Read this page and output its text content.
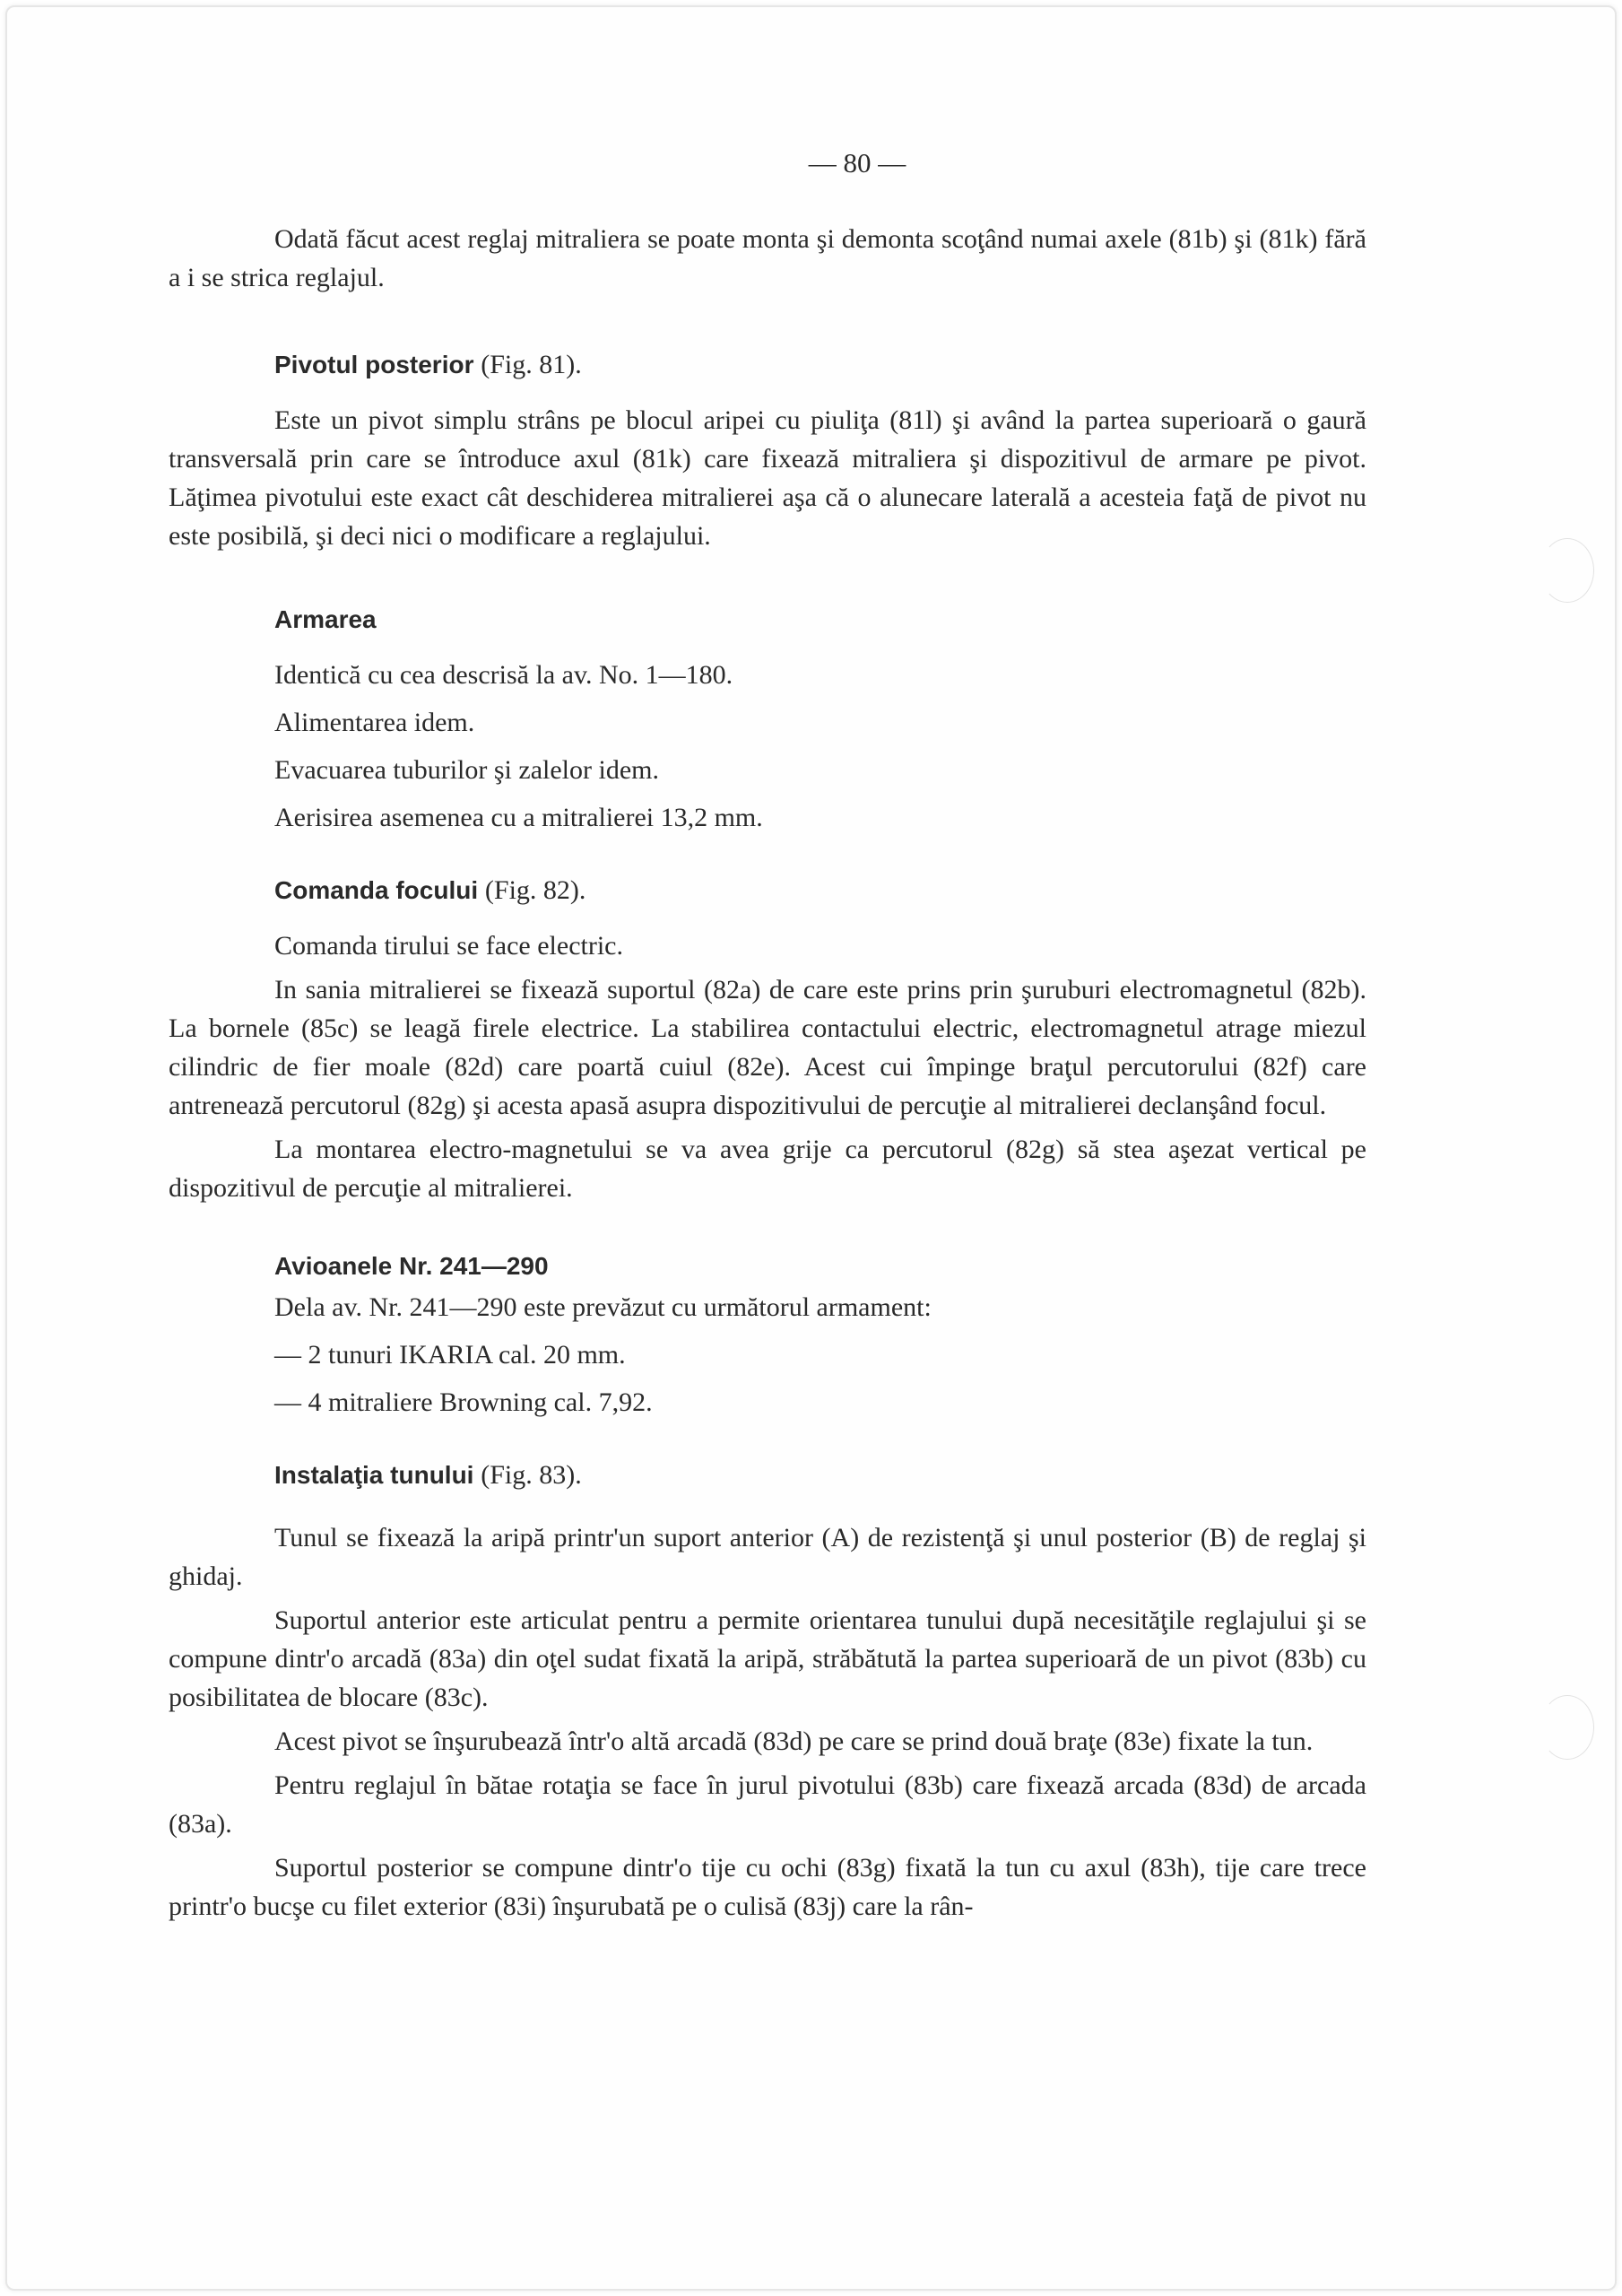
— 80 —

Odată făcut acest reglaj mitraliera se poate monta şi demonta scoţând numai axele (81b) şi (81k) fără a i se strica reglajul.

Pivotul posterior (Fig. 81).

Este un pivot simplu strâns pe blocul aripei cu piuliţa (81l) şi având la partea superioară o gaură transversală prin care se întroduce axul (81k) care fixează mitraliera şi dispozitivul de armare pe pivot. Lăţimea pivotului este exact cât deschiderea mitralierei aşa că o alunecare laterală a acesteia faţă de pivot nu este posibilă, şi deci nici o modificare a reglajului.

Armarea
Identică cu cea descrisă la av. No. 1—180.
Alimentarea idem.
Evacuarea tuburilor şi zalelor idem.
Aerisirea asemenea cu a mitralierei 13,2 mm.
Comanda focului (Fig. 82).

Comanda tirului se face electric.

In sania mitralierei se fixează suportul (82a) de care este prins prin şuruburi electromagnetul (82b). La bornele (85c) se leagă firele electrice. La stabilirea contactului electric, electromagnetul atrage miezul cilindric de fier moale (82d) care poartă cuiul (82e). Acest cui împinge braţul percutorului (82f) care antrenează percutorul (82g) şi acesta apasă asupra dispozitivului de percuţie al mitralierei declanşând focul.

La montarea electro-magnetului se va avea grije ca percutorul (82g) să stea aşezat vertical pe dispozitivul de percuţie al mitralierei.

Avioanele Nr. 241—290
Dela av. Nr. 241—290 este prevăzut cu următorul armament:
— 2 tunuri IKARIA cal. 20 mm.
— 4 mitraliere Browning cal. 7,92.
Instalaţia tunului (Fig. 83).

Tunul se fixează la aripă printr'un suport anterior (A) de rezistenţă şi unul posterior (B) de reglaj şi ghidaj.

Suportul anterior este articulat pentru a permite orientarea tunului după necesităţile reglajului şi se compune dintr'o arcadă (83a) din oţel sudat fixată la aripă, străbătută la partea superioară de un pivot (83b) cu posibilitatea de blocare (83c).

Acest pivot se înşurubează într'o altă arcadă (83d) pe care se prind două braţe (83e) fixate la tun.

Pentru reglajul în bătae rotaţia se face în jurul pivotului (83b) care fixează arcada (83d) de arcada (83a).

Suportul posterior se compune dintr'o tije cu ochi (83g) fixată la tun cu axul (83h), tije care trece printr'o bucşe cu filet exterior (83i) înşurubată pe o culisă (83j) care la rân-
